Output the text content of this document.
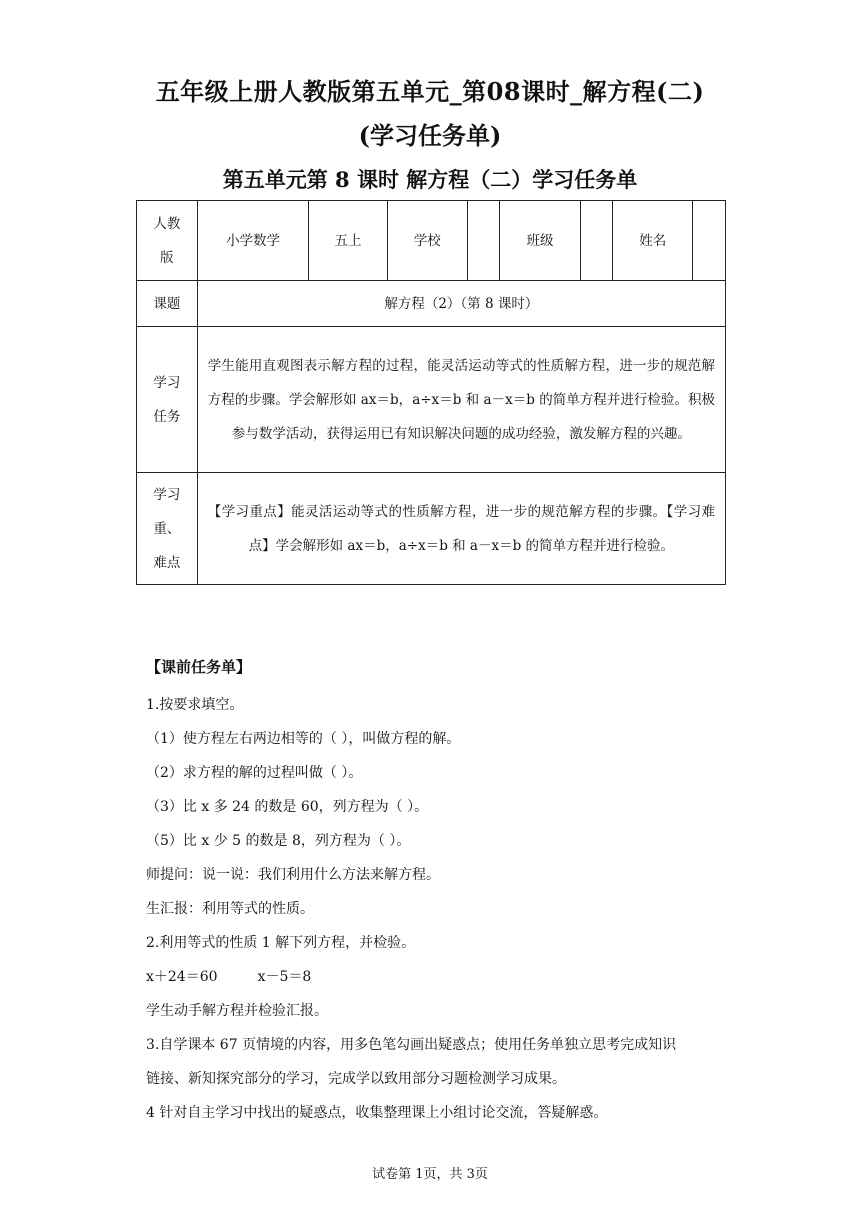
五年级上册人教版第五单元_第08课时_解方程(二)
(学习任务单)
第五单元第 8 课时 解方程（二）学习任务单
人教版	小学数学	五上	学校		班级		姓名	
课题	解方程（2）（第 8 课时）							

学习任务	学生能用直观图表示解方程的过程，能灵活运动等式的性质解方程，进一步的规范解方程的步骤。学会解形如 ax＝b，a÷x＝b 和 a－x＝b 的简单方程并进行检验。积极参与数学活动，获得运用已有知识解决问题的成功经验，激发解方程的兴趣。							

学习重、难点	【学习重点】能灵活运动等式的性质解方程，进一步的规范解方程的步骤。【学习难点】学会解形如 ax＝b，a÷x＝b 和 a－x＝b 的简单方程并进行检验。							
【课前任务单】
1.按要求填空。
（1）使方程左右两边相等的（ ），叫做方程的解。
（2）求方程的解的过程叫做（ ）。
（3）比 x 多 24 的数是 60，列方程为（ ）。
（5）比 x 少 5 的数是 8，列方程为（ ）。
师提问：说一说：我们利用什么方法来解方程。
生汇报：利用等式的性质。
2.利用等式的性质 1 解下列方程，并检验。
x＋24＝60         x－5＝8
学生动手解方程并检验汇报。
3.自学课本 67 页情境的内容，用多色笔勾画出疑惑点；使用任务单独立思考完成知识
链接、新知探究部分的学习，完成学以致用部分习题检测学习成果。
4 针对自主学习中找出的疑惑点，收集整理课上小组讨论交流，答疑解惑。
试卷第 1页，共 3页
